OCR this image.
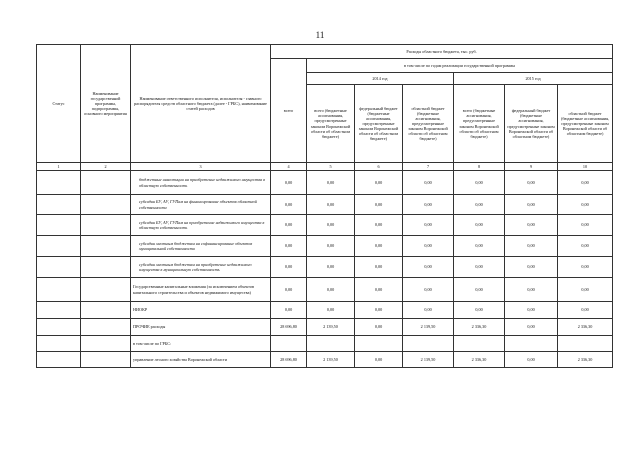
11
Статус	Наименование государственной программы, подпрограммы, основного мероприятия	Наименование ответственного исполнителя, исполнителя - главного распорядителя средств областного бюджета (далее - ГРБС), наименование статей расходов	Расходы областного бюджета, тыс. руб.						
			всего	в том числе по годам реализации государственной программы					
				2014 год			2015 год		
				всего (бюджетные ассигнования, предусмотренные законом Воронежской области об областном бюджете)	федеральный бюджет (бюджетные ассигнования, предусмотренные законом Воронежской области об областном бюджете)	областной бюджет (бюджетные ассигнования, предусмотренные законом Воронежской области об областном бюджете)	всего (бюджетные ассигнования, предусмотренные законом Воронежской области об областном бюджете)	федеральный бюджет (бюджетные ассигнования, предусмотренные законом Воронежской области об областном бюджете)	областной бюджет (бюджетные ассигнования, предусмотренные законом Воронежской области об областном бюджете)
1	2	3	4	5	6	7	8	9	10
		бюджетные инвестиции на приобретение недвижимого имущества в областную собственность	0,00	0,00	0,00	0,00	0,00	0,00	0,00
		субсидии БУ, АУ, ГУПам на финансирование объектов областной собственности	0,00	0,00	0,00	0,00	0,00	0,00	0,00
		субсидии БУ, АУ, ГУПам на приобретение недвижимого имущества в областную собственность	0,00	0,00	0,00	0,00	0,00	0,00	0,00
		субсидии местным бюджетам на софинансирование объектов муниципальной собственности	0,00	0,00	0,00	0,00	0,00	0,00	0,00
		субсидии местным бюджетам на приобретение недвижимого имущества в муниципальную собственность	0,00	0,00	0,00	0,00	0,00	0,00	0,00
		Государственные капитальные вложения (за исключением объектов капитального строительства и объектов недвижимого имущества)	0,00	0,00	0,00	0,00	0,00	0,00	0,00
		НИОКР	0,00	0,00	0,00	0,00	0,00	0,00	0,00
		ПРОЧИЕ расходы	28 696,80	2 139,50	0,00	2 139,50	2 336,30	0,00	2 336,30
		в том числе по ГРБС:							
		управление лесного хозяйства Воронежской области	28 696,80	2 139,50	0,00	2 139,50	2 336,30	0,00	2 336,30
